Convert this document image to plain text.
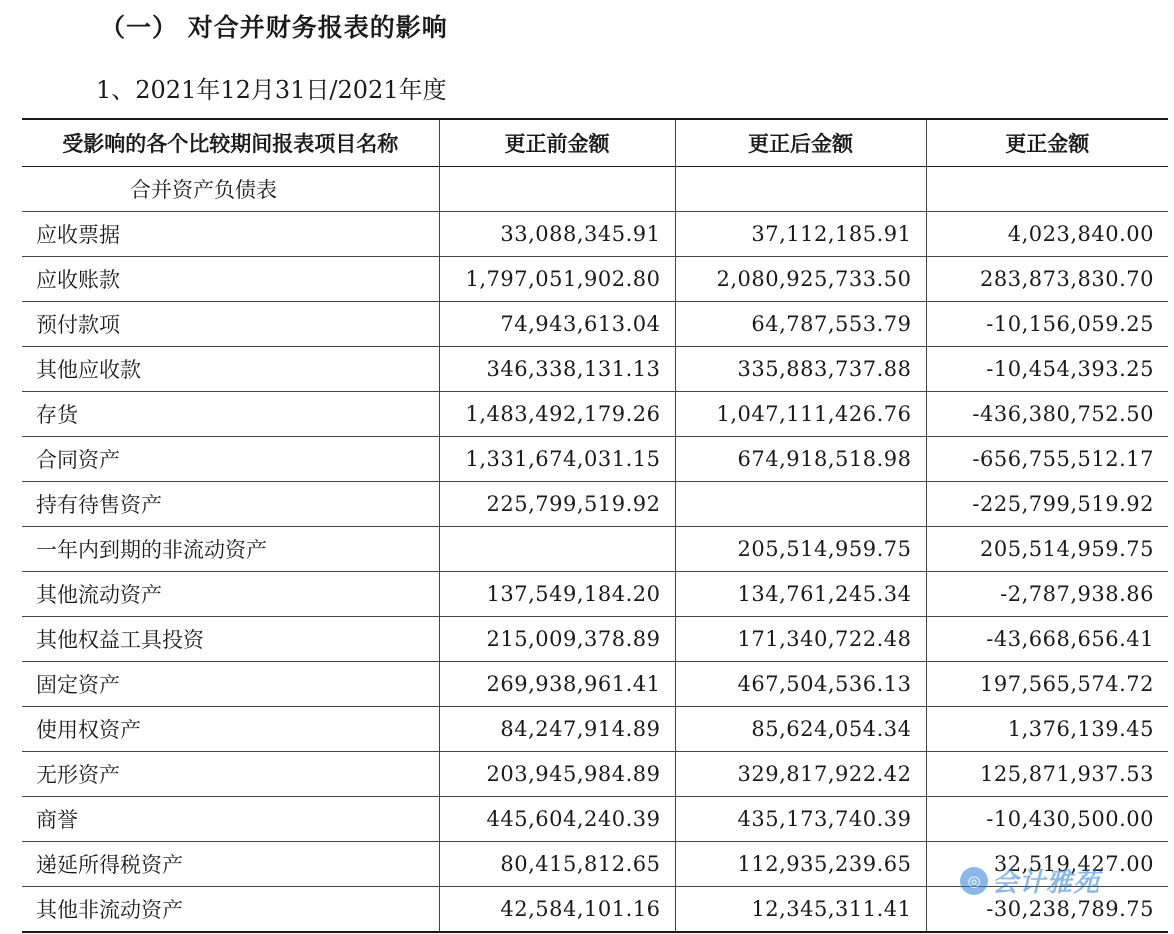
（一） 对合并财务报表的影响
1、2021年12月31日/2021年度
受影响的各个比较期间报表项目名称	更正前金额	更正后金额	更正金额
合并资产负债表			
应收票据	33,088,345.91	37,112,185.91	4,023,840.00
应收账款	1,797,051,902.80	2,080,925,733.50	283,873,830.70
预付款项	74,943,613.04	64,787,553.79	-10,156,059.25
其他应收款	346,338,131.13	335,883,737.88	-10,454,393.25
存货	1,483,492,179.26	1,047,111,426.76	-436,380,752.50
合同资产	1,331,674,031.15	674,918,518.98	-656,755,512.17
持有待售资产	225,799,519.92		-225,799,519.92
一年内到期的非流动资产		205,514,959.75	205,514,959.75
其他流动资产	137,549,184.20	134,761,245.34	-2,787,938.86
其他权益工具投资	215,009,378.89	171,340,722.48	-43,668,656.41
固定资产	269,938,961.41	467,504,536.13	197,565,574.72
使用权资产	84,247,914.89	85,624,054.34	1,376,139.45
无形资产	203,945,984.89	329,817,922.42	125,871,937.53
商誉	445,604,240.39	435,173,740.39	-10,430,500.00
递延所得税资产	80,415,812.65	112,935,239.65	32,519,427.00
其他非流动资产	42,584,101.16	12,345,311.41	-30,238,789.75
◎ 会计雅苑
